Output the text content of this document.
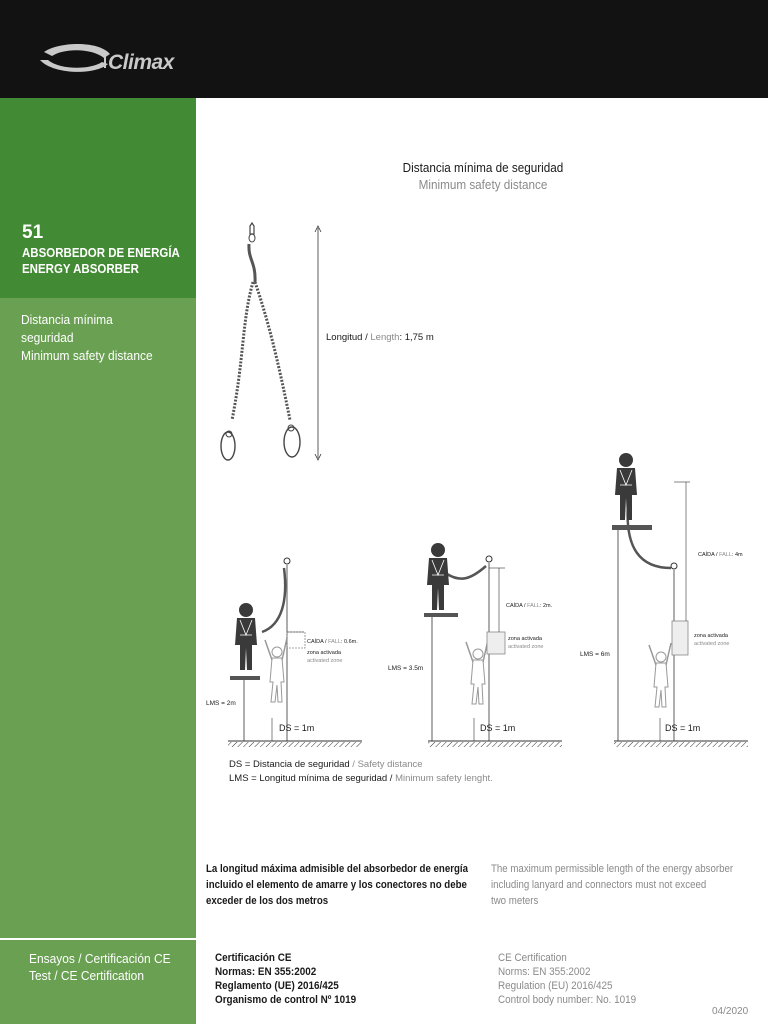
Climax
51
ABSORBEDOR DE ENERGÍA
ENERGY ABSORBER
Distancia mínima
seguridad
Minimum safety distance
Ensayos / Certificación CE
Test / CE Certification
Distancia mínima de seguridad
Minimum safety distance
Longitud / Length: 1,75 m
CAÍDA / FALL: 0.6m.
zona activada
activated zone
LMS = 2m
DS = 1m
CAÍDA / FALL: 2m.
zona activada
activated zone
LMS = 3.5m
DS = 1m
CAÍDA / FALL: 4m
zona activada
activated zone
LMS = 6m
DS = 1m
DS = Distancia de seguridad / Safety distance
LMS = Longitud mínima de seguridad / Minimum safety lenght.
La longitud máxima admisible del absorbedor de energía
incluido el elemento de amarre y los conectores no debe
exceder de los dos metros
The maximum permissible length of the energy absorber
including lanyard and connectors must not exceed
two meters
Certificación CE
Normas: EN 355:2002
Reglamento (UE) 2016/425
Organismo de control Nº 1019
CE Certification
Norms: EN 355:2002
Regulation (EU) 2016/425
Control body number: No. 1019
04/2020
